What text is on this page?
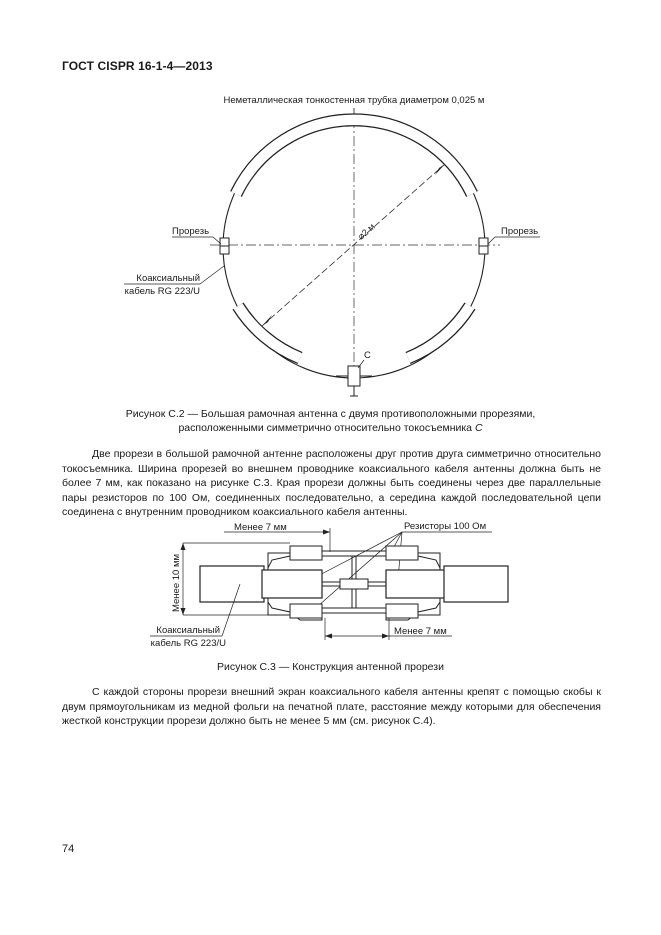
ГОСТ CISPR 16-1-4—2013
Неметаллическая тонкостенная трубка диаметром 0,025 м
⌀2 м
С
Прорезь	Прорезь
Коаксиальный
кабель RG 223/U
Рисунок С.2 — Большая рамочная антенна с двумя противоположными прорезями,
расположенными симметрично относительно токосъемника С
Две прорези в большой рамочной антенне расположены друг против друга симметрично относительно токосъемника. Ширина прорезей во внешнем проводнике коаксиального кабеля антенны должна быть не более 7 мм, как показано на рисунке С.3. Края прорези должны быть соединены через две параллельные пары резисторов по 100 Ом, соединенных последовательно, а середина каждой последовательной цепи соединена с внутренним проводником коаксиального кабеля антенны.
Менее 7 мм	Резисторы 100 Ом
Менее 10 мм
Коаксиальный
кабель RG 223/U
Менее 7 мм
Рисунок С.3 — Конструкция антенной прорези
С каждой стороны прорези внешний экран коаксиального кабеля антенны крепят с помощью скобы к двум прямоугольникам из медной фольги на печатной плате, расстояние между которыми для обеспечения жесткой конструкции прорези должно быть не менее 5 мм (см. рисунок С.4).
74
